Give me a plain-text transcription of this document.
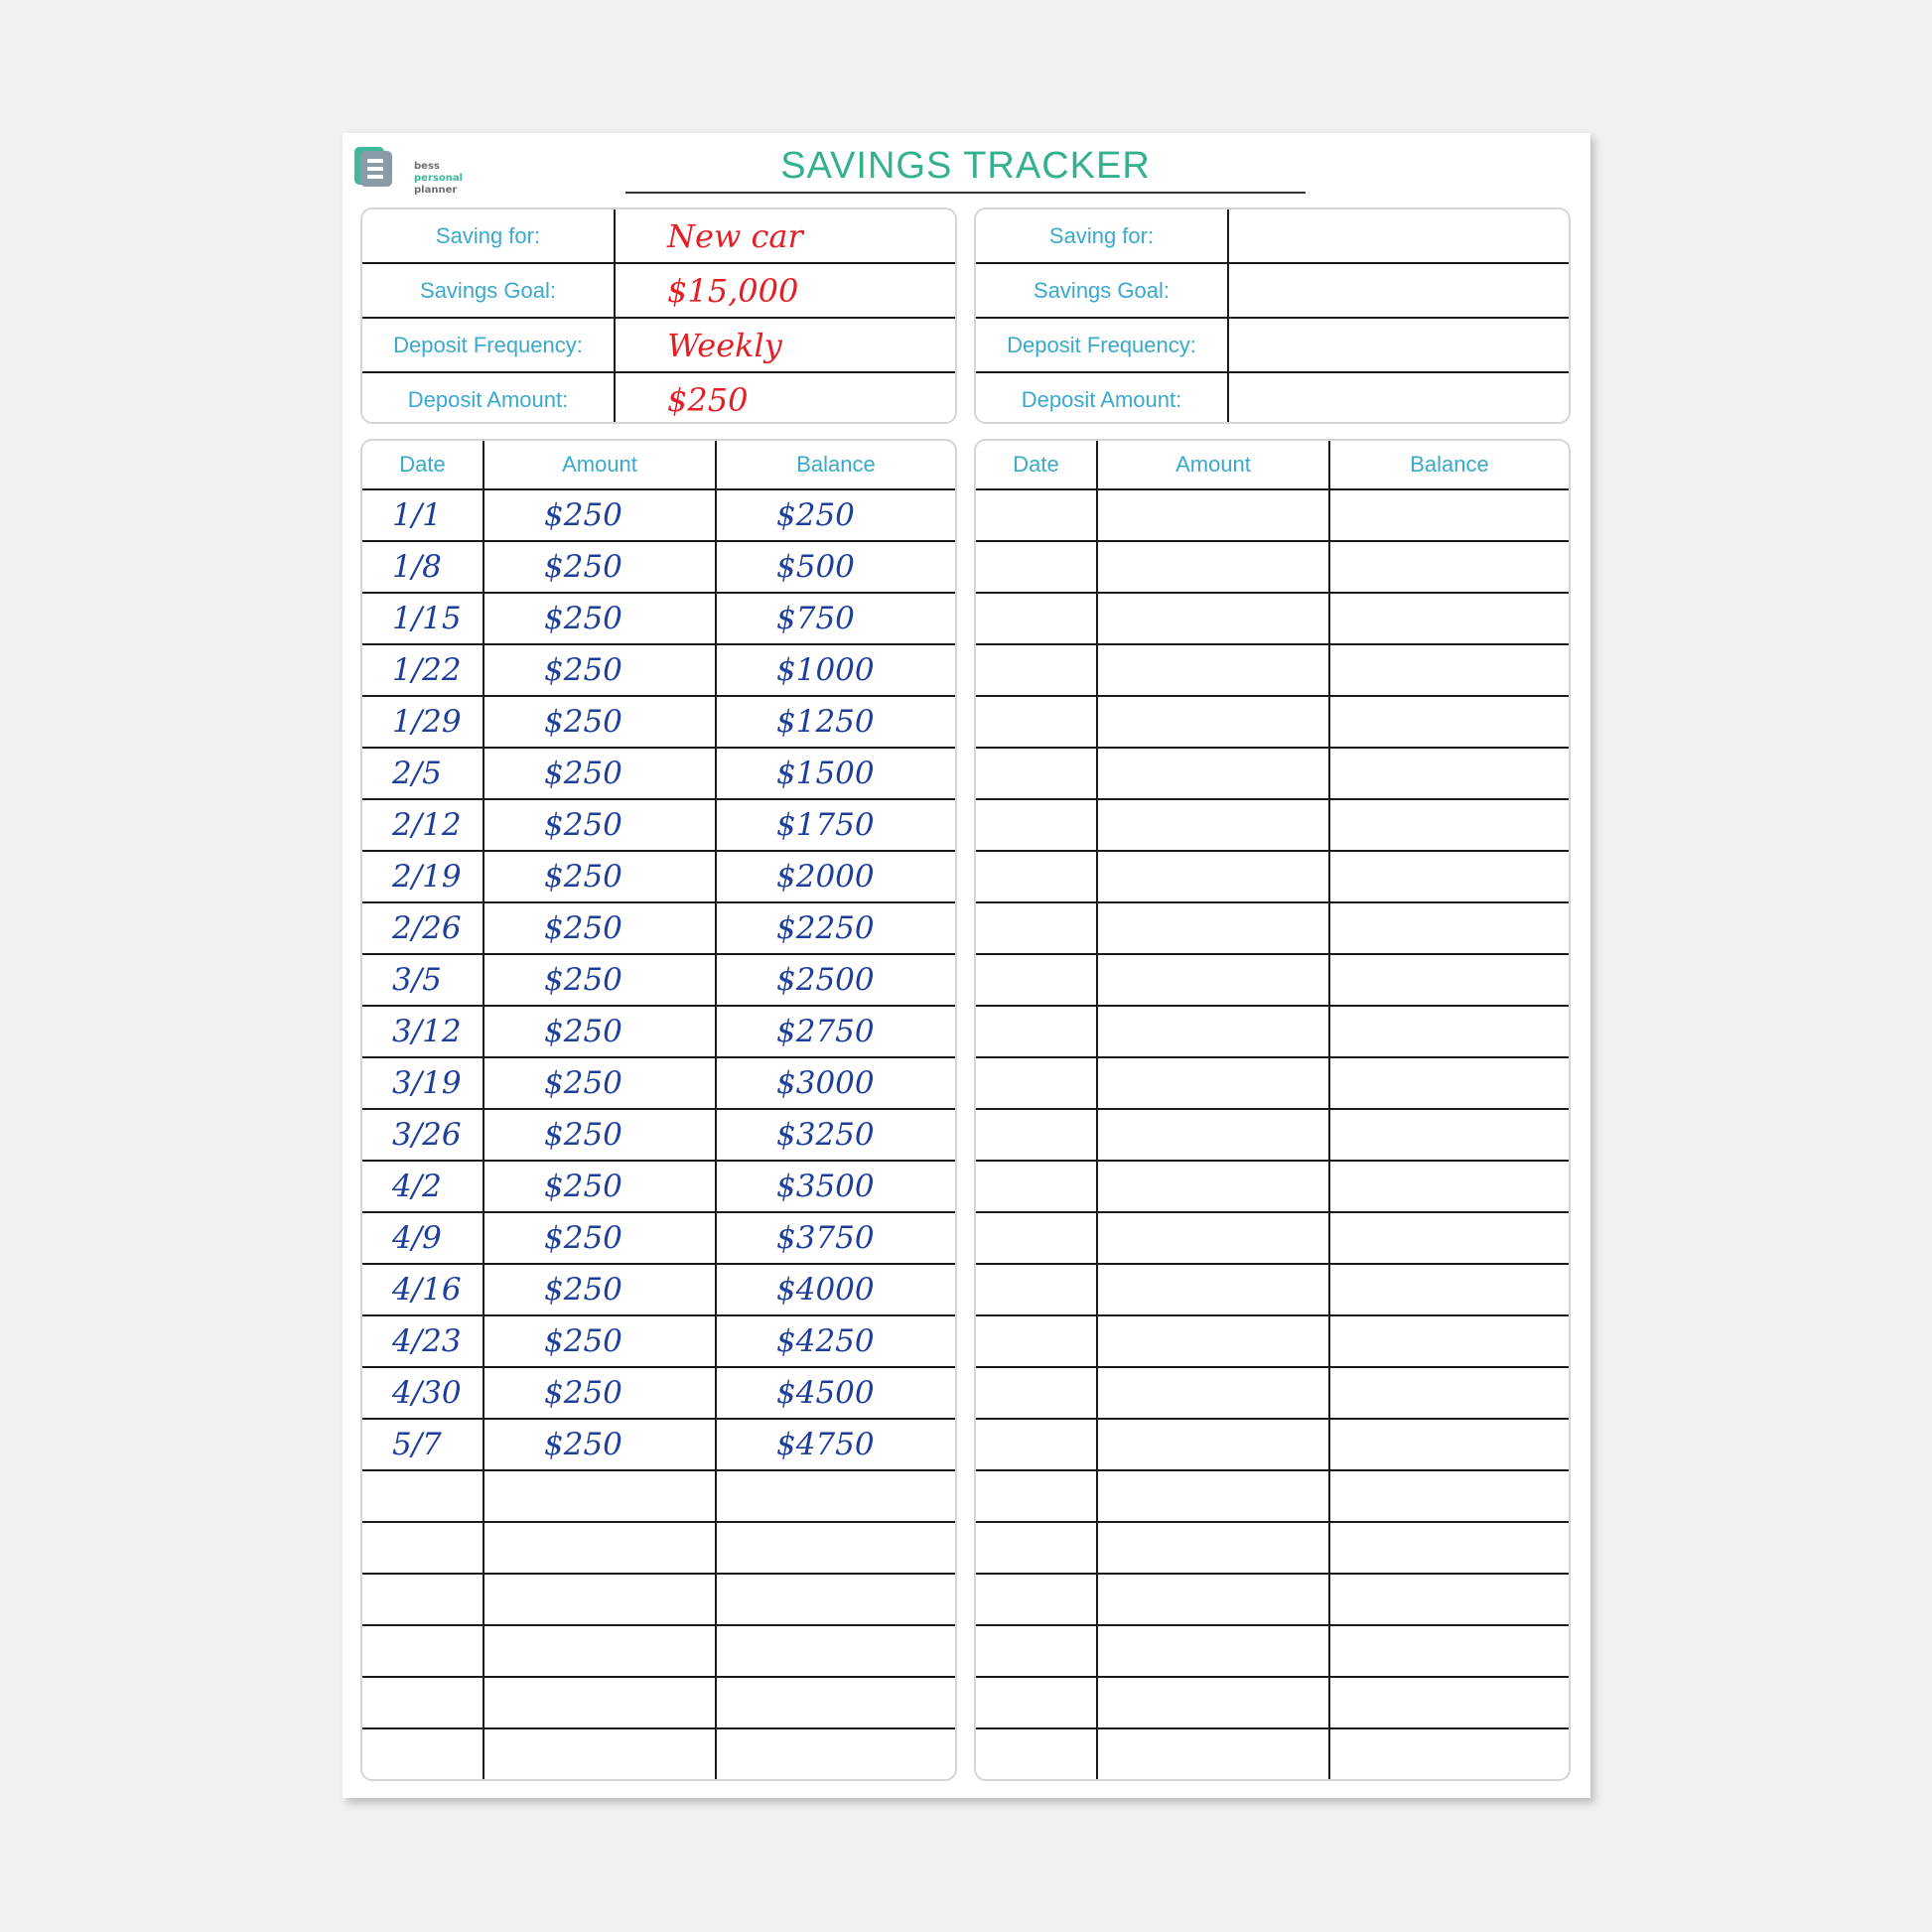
bess
personal
planner
SAVINGS TRACKER
Saving for:	New car
Savings Goal:	$15,000
Deposit Frequency:	Weekly
Deposit Amount:	$250
Saving for:	
Savings Goal:	
Deposit Frequency:	
Deposit Amount:	
Date	Amount	Balance
1/1	$250	$250
1/8	$250	$500
1/15	$250	$750
1/22	$250	$1000
1/29	$250	$1250
2/5	$250	$1500
2/12	$250	$1750
2/19	$250	$2000
2/26	$250	$2250
3/5	$250	$2500
3/12	$250	$2750
3/19	$250	$3000
3/26	$250	$3250
4/2	$250	$3500
4/9	$250	$3750
4/16	$250	$4000
4/23	$250	$4250
4/30	$250	$4500
5/7	$250	$4750

Date	Amount	Balance
